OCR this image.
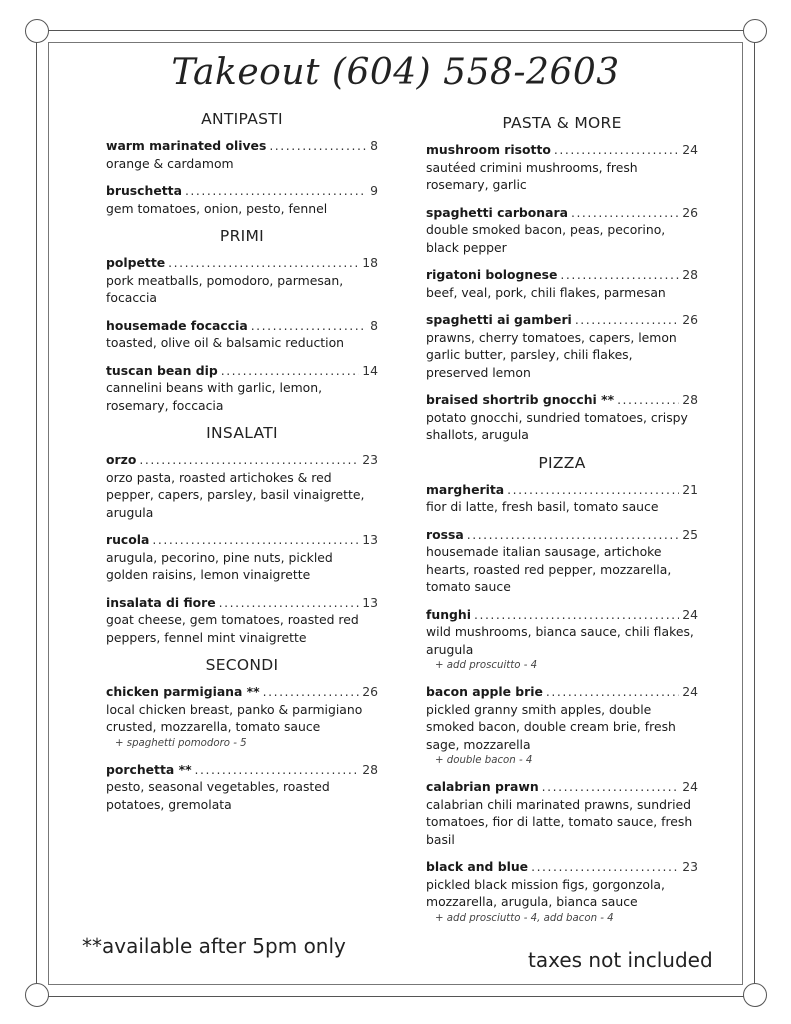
Takeout (604) 558-2603
ANTIPASTI
warm marinated olives . . .	8
orange & cardamom
bruschetta . . .	9
gem tomatoes, onion, pesto, fennel
PRIMI
polpette . . .	18
pork meatballs, pomodoro, parmesan, focaccia
housemade focaccia . . .	8
toasted, olive oil & balsamic reduction
tuscan bean dip . . .	14
cannelini beans with garlic, lemon, rosemary, foccacia
INSALATI
orzo . . .	23
orzo pasta, roasted artichokes & red pepper, capers, parsley, basil vinaigrette, arugula
rucola . . .	13
arugula, pecorino, pine nuts, pickled golden raisins, lemon vinaigrette
insalata di fiore . . .	13
goat cheese, gem tomatoes, roasted red peppers, fennel mint vinaigrette
SECONDI
chicken parmigiana ** . . .	26
local chicken breast, panko & parmigiano crusted, mozzarella, tomato sauce
+ spaghetti pomodoro - 5
porchetta ** . . .	28
pesto, seasonal vegetables, roasted potatoes, gremolata
PASTA & MORE
mushroom risotto . . .	24
sautéed crimini mushrooms, fresh rosemary, garlic
spaghetti carbonara . . .	26
double smoked bacon, peas, pecorino, black pepper
rigatoni bolognese . . .	28
beef, veal, pork, chili flakes, parmesan
spaghetti ai gamberi . . .	26
prawns, cherry tomatoes, capers, lemon garlic butter, parsley, chili flakes, preserved lemon
braised shortrib gnocchi ** . . .	28
potato gnocchi, sundried tomatoes, crispy shallots, arugula
PIZZA
margherita . . .	21
fior di latte, fresh basil, tomato sauce
rossa . . .	25
housemade italian sausage, artichoke hearts, roasted red pepper, mozzarella, tomato sauce
funghi . . .	24
wild mushrooms, bianca sauce, chili flakes, arugula
+ add proscuitto - 4
bacon apple brie . . .	24
pickled granny smith apples, double smoked bacon, double cream brie, fresh sage, mozzarella
+ double bacon - 4
calabrian prawn . . .	24
calabrian chili marinated prawns, sundried tomatoes, fior di latte, tomato sauce, fresh basil
black and blue . . .	23
pickled black mission figs, gorgonzola, mozzarella, arugula, bianca sauce
+ add prosciutto - 4, add bacon - 4
**available after 5pm only
taxes not included
